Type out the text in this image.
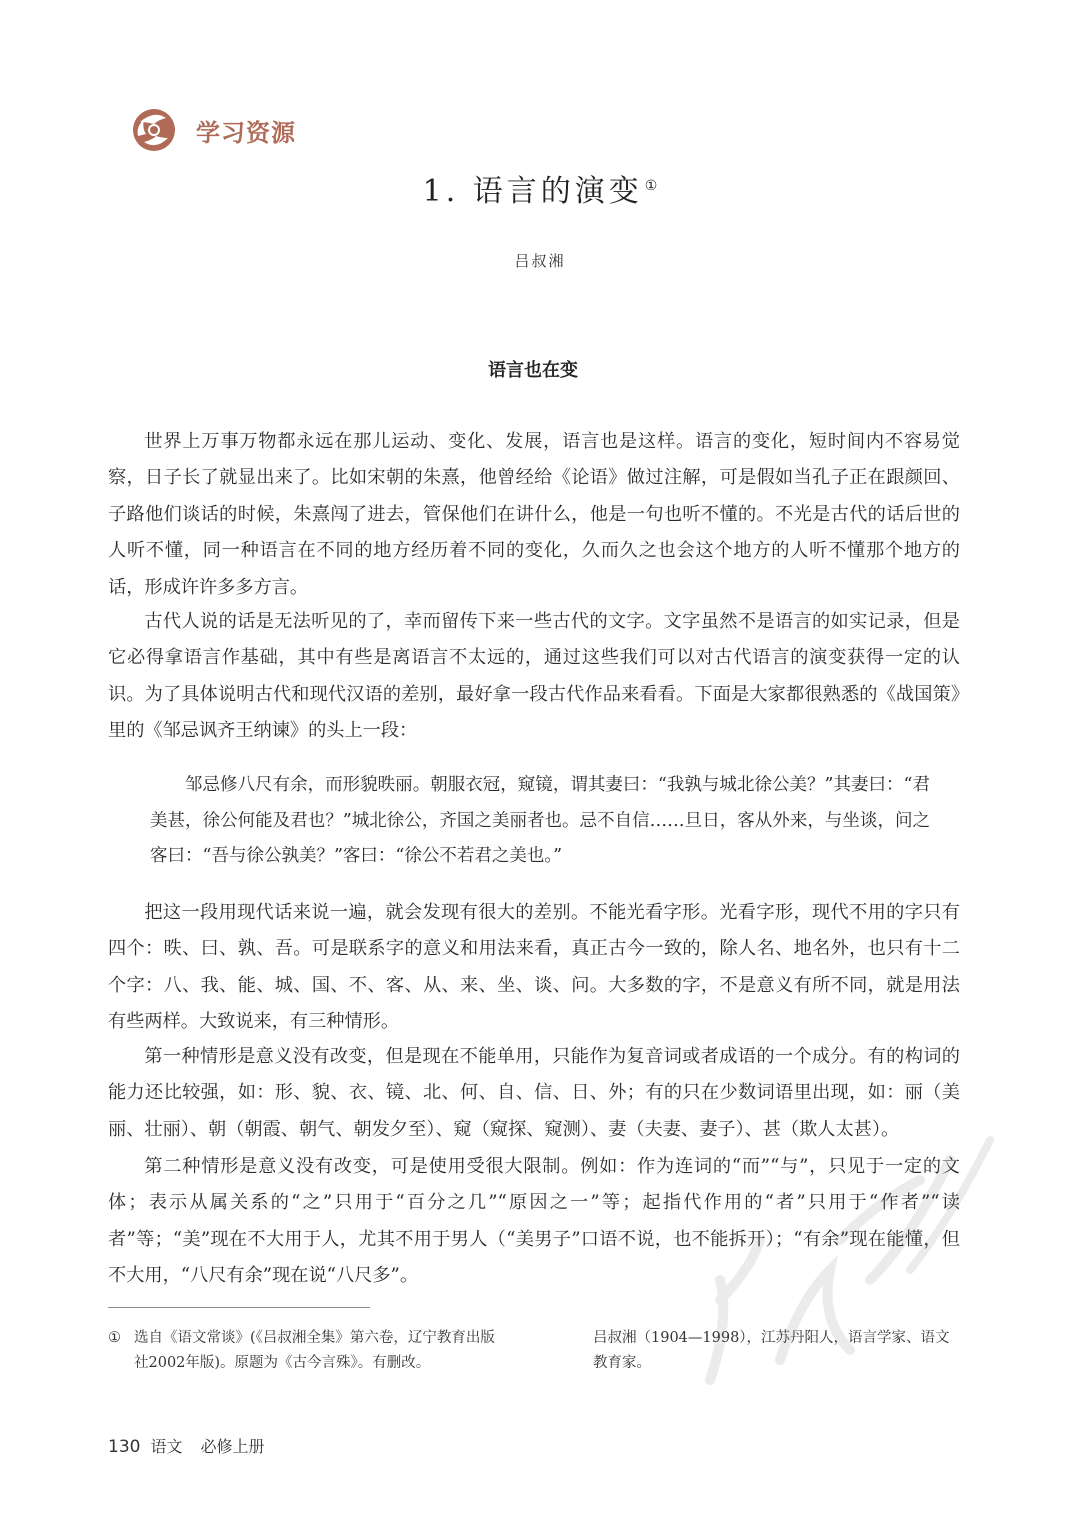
学习资源
1. 语言的演变 ①
吕叔湘
语言也在变

世界上万事万物都永远在那儿运动、变化、发展，语言也是这样。语言的变化，短时间内不容易觉察，日子长了就显出来了。比如宋朝的朱熹，他曾经给《论语》做过注解，可是假如当孔子正在跟颜回、子路他们谈话的时候，朱熹闯了进去，管保他们在讲什么，他是一句也听不懂的。不光是古代的话后世的人听不懂，同一种语言在不同的地方经历着不同的变化，久而久之也会这个地方的人听不懂那个地方的话，形成许许多多方言。

古代人说的话是无法听见的了，幸而留传下来一些古代的文字。文字虽然不是语言的如实记录，但是它必得拿语言作基础，其中有些是离语言不太远的，通过这些我们可以对古代语言的演变获得一定的认识。为了具体说明古代和现代汉语的差别，最好拿一段古代作品来看看。下面是大家都很熟悉的《战国策》里的《邹忌讽齐王纳谏》的头上一段：

邹忌修八尺有余，而形貌昳丽。朝服衣冠，窥镜，谓其妻曰：“我孰与城北徐公美？”其妻曰：“君美甚，徐公何能及君也？”城北徐公，齐国之美丽者也。忌不自信……旦日，客从外来，与坐谈，问之客曰：“吾与徐公孰美？”客曰：“徐公不若君之美也。”

把这一段用现代话来说一遍，就会发现有很大的差别。不能光看字形。光看字形，现代不用的字只有四个：昳、曰、孰、吾。可是联系字的意义和用法来看，真正古今一致的，除人名、地名外，也只有十二个字：八、我、能、城、国、不、客、从、来、坐、谈、问。大多数的字，不是意义有所不同，就是用法有些两样。大致说来，有三种情形。

第一种情形是意义没有改变，但是现在不能单用，只能作为复音词或者成语的一个成分。有的构词的能力还比较强，如：形、貌、衣、镜、北、何、自、信、日、外；有的只在少数词语里出现，如：丽（美丽、壮丽）、朝（朝霞、朝气、朝发夕至）、窥（窥探、窥测）、妻（夫妻、妻子）、甚（欺人太甚）。

第二种情形是意义没有改变，可是使用受很大限制。例如：作为连词的“而”“与”，只见于一定的文体；表示从属关系的“之”只用于“百分之几”“原因之一”等；起指代作用的“者”只用于“作者”“读者”等；“美”现在不大用于人，尤其不用于男人（“美男子”口语不说，也不能拆开）；“有余”现在能懂，但不大用，“八尺有余”现在说“八尺多”。

① 选自《语文常谈》(《吕叔湘全集》第六卷，辽宁教育出版社2002年版)。原题为《古今言殊》。有删改。
吕叔湘（1904—1998），江苏丹阳人，语言学家、语文教育家。
130 语文 必修上册
